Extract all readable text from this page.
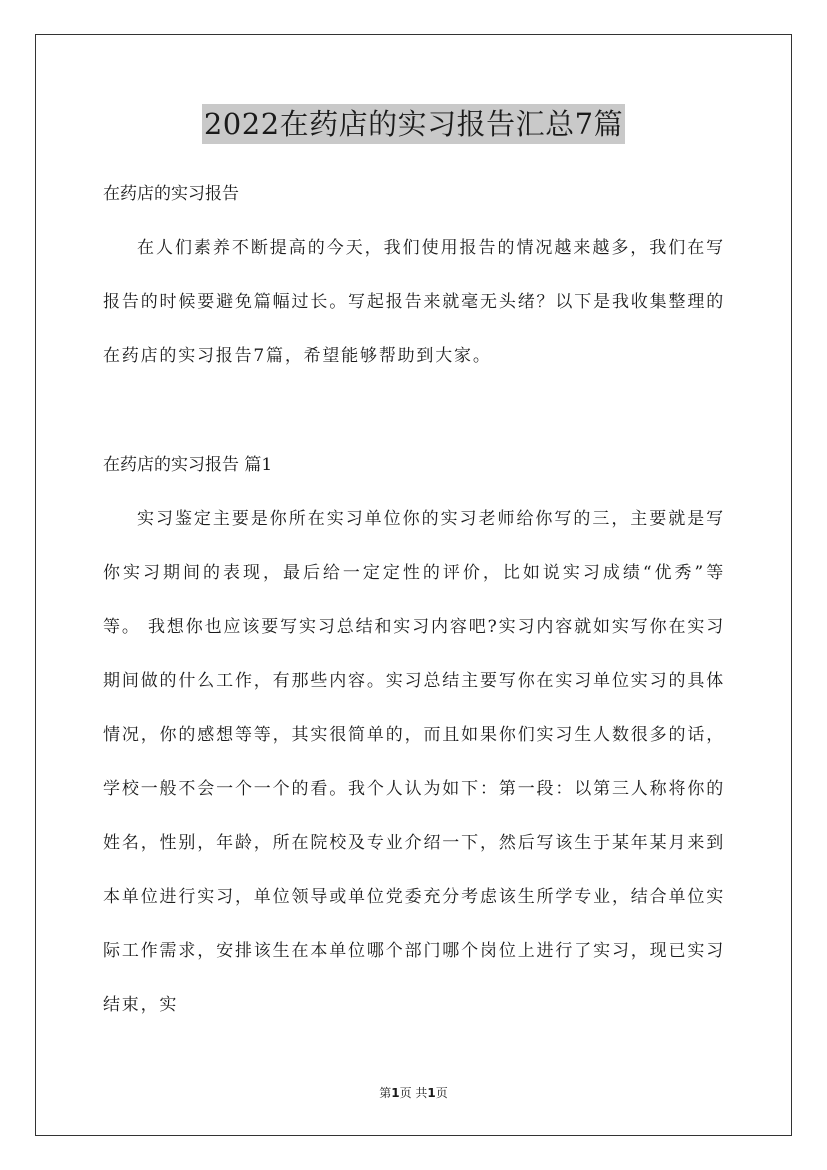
2022在药店的实习报告汇总7篇
在药店的实习报告

在人们素养不断提高的今天，我们使用报告的情况越来越多，我们在写报告的时候要避免篇幅过长。写起报告来就毫无头绪？以下是我收集整理的在药店的实习报告7篇，希望能够帮助到大家。

在药店的实习报告 篇1

实习鉴定主要是你所在实习单位你的实习老师给你写的三，主要就是写你实习期间的表现，最后给一定定性的评价，比如说实习成绩“优秀”等等。 我想你也应该要写实习总结和实习内容吧?实习内容就如实写你在实习期间做的什么工作，有那些内容。实习总结主要写你在实习单位实习的具体情况，你的感想等等，其实很简单的，而且如果你们实习生人数很多的话，学校一般不会一个一个的看。我个人认为如下：第一段：以第三人称将你的姓名，性别，年龄，所在院校及专业介绍一下，然后写该生于某年某月来到本单位进行实习，单位领导或单位党委充分考虑该生所学专业，结合单位实际工作需求，安排该生在本单位哪个部门哪个岗位上进行了实习，现已实习结束，实

第1页 共1页
